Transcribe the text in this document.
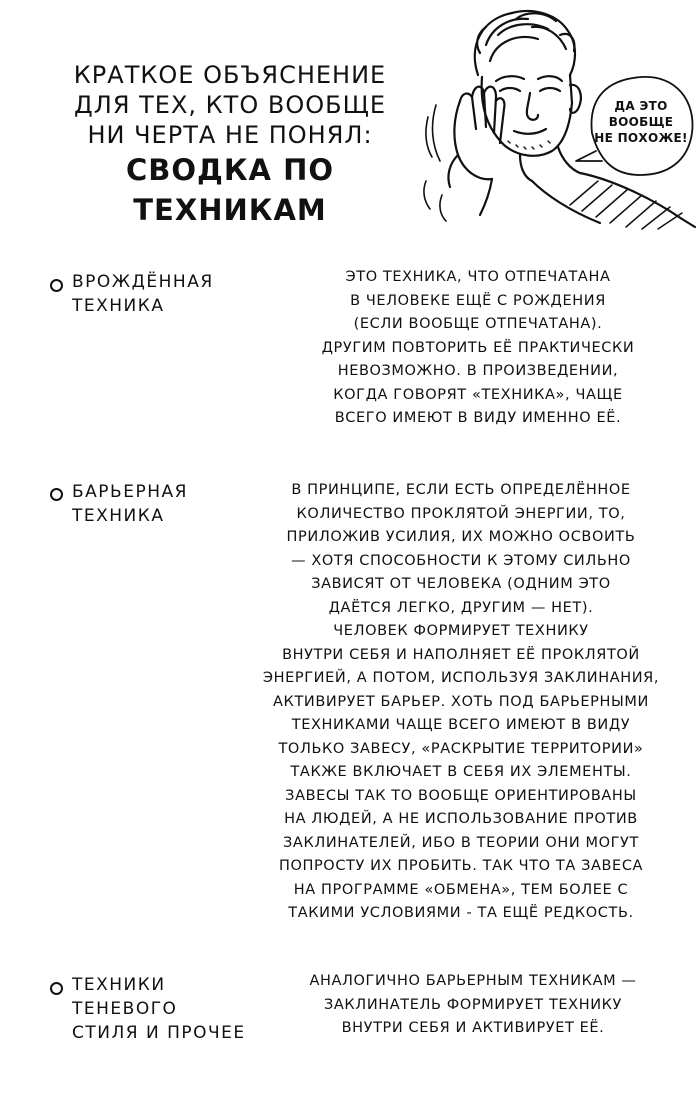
КРАТКОЕ ОБЪЯСНЕНИЕ
ДЛЯ ТЕХ, КТО ВООБЩЕ
НИ ЧЕРТА НЕ ПОНЯЛ:
СВОДКА ПО ТЕХНИКАМ
ДА ЭТО
ВООБЩЕ
НЕ ПОХОЖЕ!
ВРОЖДЁННАЯ
ТЕХНИКА
ЭТО ТЕХНИКА, ЧТО ОТПЕЧАТАНА
В ЧЕЛОВЕКЕ ЕЩЁ С РОЖДЕНИЯ
(ЕСЛИ ВООБЩЕ ОТПЕЧАТАНА).
ДРУГИМ ПОВТОРИТЬ ЕЁ ПРАКТИЧЕСКИ
НЕВОЗМОЖНО. В ПРОИЗВЕДЕНИИ,
КОГДА ГОВОРЯТ «ТЕХНИКА», ЧАЩЕ
ВСЕГО ИМЕЮТ В ВИДУ ИМЕННО ЕЁ.
БАРЬЕРНАЯ
ТЕХНИКА
В ПРИНЦИПЕ, ЕСЛИ ЕСТЬ ОПРЕДЕЛЁННОЕ
КОЛИЧЕСТВО ПРОКЛЯТОЙ ЭНЕРГИИ, ТО,
ПРИЛОЖИВ УСИЛИЯ, ИХ МОЖНО ОСВОИТЬ
— ХОТЯ СПОСОБНОСТИ К ЭТОМУ СИЛЬНО
ЗАВИСЯТ ОТ ЧЕЛОВЕКА (ОДНИМ ЭТО
ДАЁТСЯ ЛЕГКО, ДРУГИМ — НЕТ).
ЧЕЛОВЕК ФОРМИРУЕТ ТЕХНИКУ
ВНУТРИ СЕБЯ И НАПОЛНЯЕТ ЕЁ ПРОКЛЯТОЙ
ЭНЕРГИЕЙ, А ПОТОМ, ИСПОЛЬЗУЯ ЗАКЛИНАНИЯ,
АКТИВИРУЕТ БАРЬЕР. ХОТЬ ПОД БАРЬЕРНЫМИ
ТЕХНИКАМИ ЧАЩЕ ВСЕГО ИМЕЮТ В ВИДУ
ТОЛЬКО ЗАВЕСУ, «РАСКРЫТИЕ ТЕРРИТОРИИ»
ТАКЖЕ ВКЛЮЧАЕТ В СЕБЯ ИХ ЭЛЕМЕНТЫ.
ЗАВЕСЫ ТАК ТО ВООБЩЕ ОРИЕНТИРОВАНЫ
НА ЛЮДЕЙ, А НЕ ИСПОЛЬЗОВАНИЕ ПРОТИВ
ЗАКЛИНАТЕЛЕЙ, ИБО В ТЕОРИИ ОНИ МОГУТ
ПОПРОСТУ ИХ ПРОБИТЬ. ТАК ЧТО ТА ЗАВЕСА
НА ПРОГРАММЕ «ОБМЕНА», ТЕМ БОЛЕЕ С
ТАКИМИ УСЛОВИЯМИ - ТА ЕЩЁ РЕДКОСТЬ.
ТЕХНИКИ
ТЕНЕВОГО
СТИЛЯ И ПРОЧЕЕ
АНАЛОГИЧНО БАРЬЕРНЫМ ТЕХНИКАМ —
ЗАКЛИНАТЕЛЬ ФОРМИРУЕТ ТЕХНИКУ
ВНУТРИ СЕБЯ И АКТИВИРУЕТ ЕЁ.
